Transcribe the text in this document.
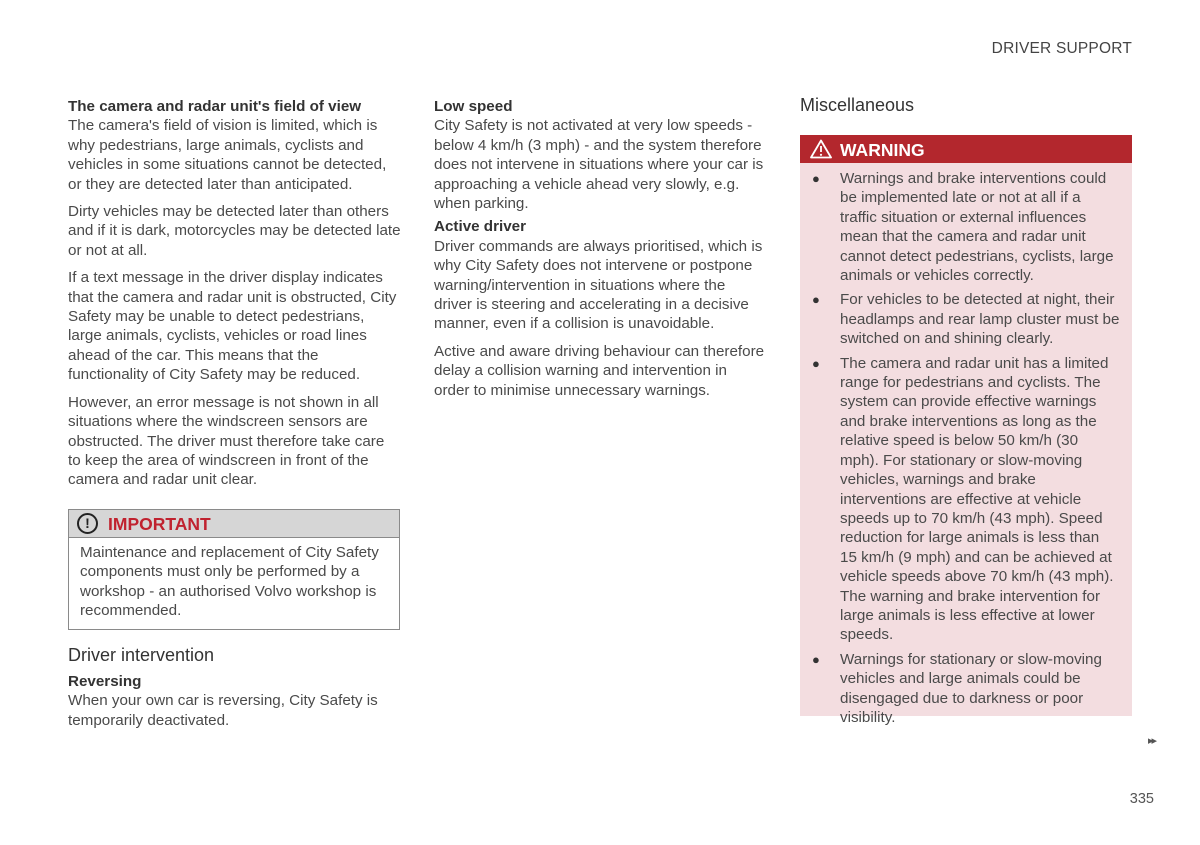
DRIVER SUPPORT

The camera and radar unit's field of view

The camera's field of vision is limited, which is why pedestrians, large animals, cyclists and vehicles in some situations cannot be detected, or they are detected later than anticipated.

Dirty vehicles may be detected later than others and if it is dark, motorcycles may be detected late or not at all.

If a text message in the driver display indicates that the camera and radar unit is obstructed, City Safety may be unable to detect pedestrians, large animals, cyclists, vehicles or road lines ahead of the car. This means that the functionality of City Safety may be reduced.

However, an error message is not shown in all situations where the windscreen sensors are obstructed. The driver must therefore take care to keep the area of windscreen in front of the camera and radar unit clear.

!	IMPORTANT

Maintenance and replacement of City Safety components must only be performed by a workshop - an authorised Volvo workshop is recommended.

Driver intervention

Reversing

When your own car is reversing, City Safety is temporarily deactivated.

Low speed

City Safety is not activated at very low speeds - below 4 km/h (3 mph) - and the system therefore does not intervene in situations where your car is approaching a vehicle ahead very slowly, e.g. when parking.

Active driver

Driver commands are always prioritised, which is why City Safety does not intervene or postpone warning/intervention in situations where the driver is steering and accelerating in a decisive manner, even if a collision is unavoidable.

Active and aware driving behaviour can therefore delay a collision warning and intervention in order to minimise unnecessary warnings.

Miscellaneous

WARNING
● Warnings and brake interventions could be implemented late or not at all if a traffic situation or external influences mean that the camera and radar unit cannot detect pedestrians, cyclists, large animals or vehicles correctly.
● For vehicles to be detected at night, their headlamps and rear lamp cluster must be switched on and shining clearly.
● The camera and radar unit has a limited range for pedestrians and cyclists. The system can provide effective warnings and brake interventions as long as the relative speed is below 50 km/h (30 mph). For stationary or slow-moving vehicles, warnings and brake interventions are effective at vehicle speeds up to 70 km/h (43 mph). Speed reduction for large animals is less than 15 km/h (9 mph) and can be achieved at vehicle speeds above 70 km/h (43 mph). The warning and brake intervention for large animals is less effective at lower speeds.
● Warnings for stationary or slow-moving vehicles and large animals could be disengaged due to darkness or poor visibility.
▸▸
335
